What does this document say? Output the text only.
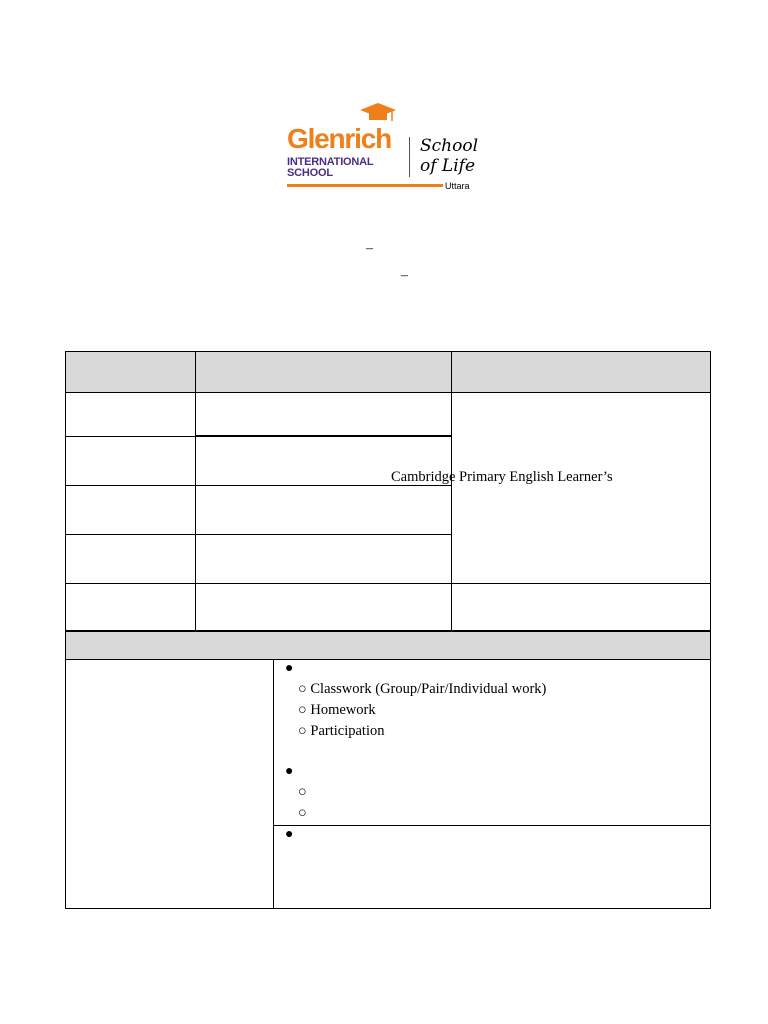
Glenrich
INTERNATIONAL
SCHOOL
School
of Life
Uttara
–
–
Cambridge Primary English Learner’s
●
○ Classwork (Group/Pair/Individual work)
○ Homework
○ Participation
●
○
○
●
